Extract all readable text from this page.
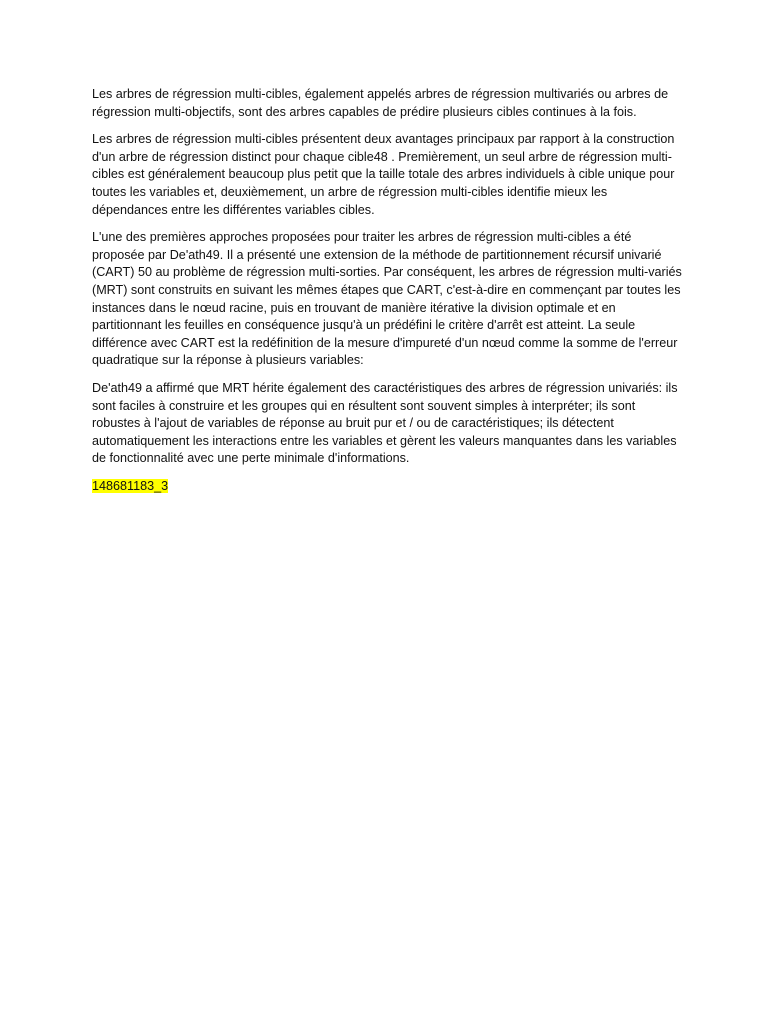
Les arbres de régression multi-cibles, également appelés arbres de régression multivariés ou arbres de régression multi-objectifs, sont des arbres capables de prédire plusieurs cibles continues à la fois.

Les arbres de régression multi-cibles présentent deux avantages principaux par rapport à la construction d'un arbre de régression distinct pour chaque cible48 . Premièrement, un seul arbre de régression multi-cibles est généralement beaucoup plus petit que la taille totale des arbres individuels à cible unique pour toutes les variables et, deuxièmement, un arbre de régression multi-cibles identifie mieux les dépendances entre les différentes variables cibles.

L'une des premières approches proposées pour traiter les arbres de régression multi-cibles a été proposée par De'ath49. Il a présenté une extension de la méthode de partitionnement récursif univarié (CART) 50 au problème de régression multi-sorties. Par conséquent, les arbres de régression multi-variés (MRT) sont construits en suivant les mêmes étapes que CART, c'est-à-dire en commençant par toutes les instances dans le nœud racine, puis en trouvant de manière itérative la division optimale et en partitionnant les feuilles en conséquence jusqu'à un prédéfini le critère d'arrêt est atteint. La seule différence avec CART est la redéfinition de la mesure d'impureté d'un nœud comme la somme de l'erreur quadratique sur la réponse à plusieurs variables:

De'ath49 a affirmé que MRT hérite également des caractéristiques des arbres de régression univariés: ils sont faciles à construire et les groupes qui en résultent sont souvent simples à interpréter; ils sont robustes à l'ajout de variables de réponse au bruit pur et / ou de caractéristiques; ils détectent automatiquement les interactions entre les variables et gèrent les valeurs manquantes dans les variables de fonctionnalité avec une perte minimale d'informations.

148681183_3
